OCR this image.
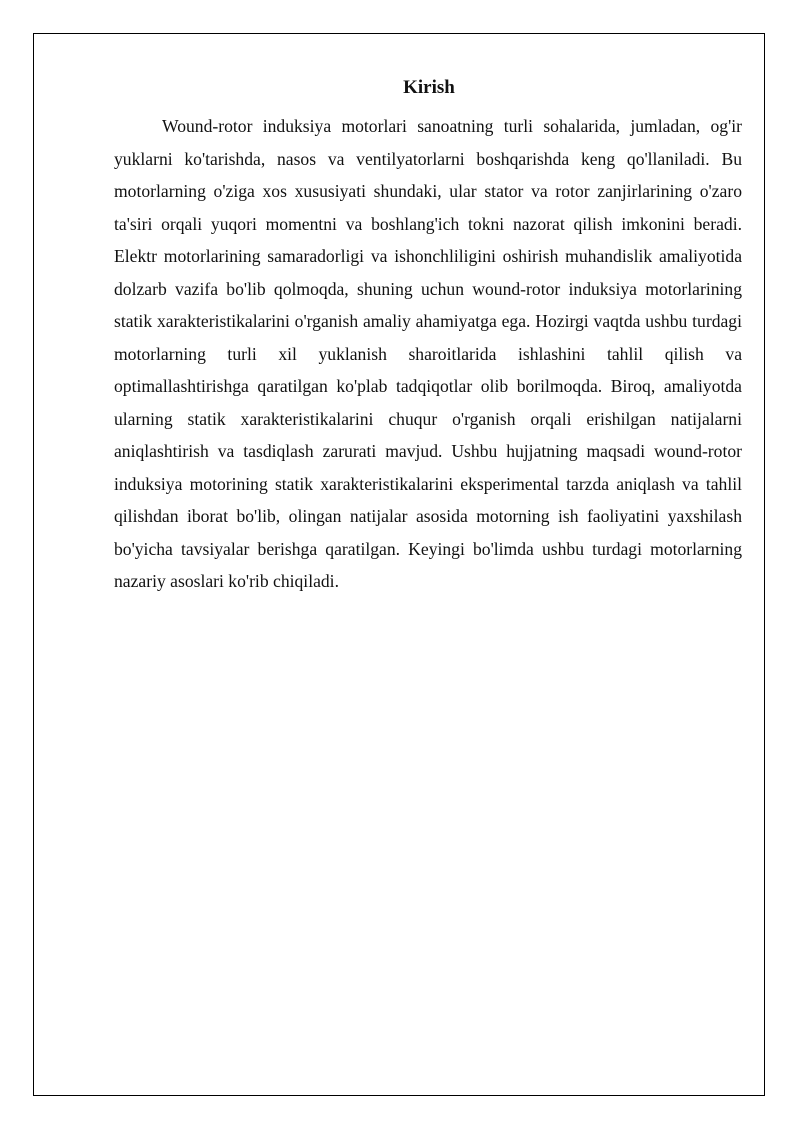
Kirish

Wound-rotor induksiya motorlari sanoatning turli sohalarida, jumladan, og'ir yuklarni ko'tarishda, nasos va ventilyatorlarni boshqarishda keng qo'llaniladi. Bu motorlarning o'ziga xos xususiyati shundaki, ular stator va rotor zanjirlarining o'zaro ta'siri orqali yuqori momentni va boshlang'ich tokni nazorat qilish imkonini beradi. Elektr motorlarining samaradorligi va ishonchliligini oshirish muhandislik amaliyotida dolzarb vazifa bo'lib qolmoqda, shuning uchun wound-rotor induksiya motorlarining statik xarakteristikalarini o'rganish amaliy ahamiyatga ega. Hozirgi vaqtda ushbu turdagi motorlarning turli xil yuklanish sharoitlarida ishlashini tahlil qilish va optimallashtirishga qaratilgan ko'plab tadqiqotlar olib borilmoqda. Biroq, amaliyotda ularning statik xarakteristikalarini chuqur o'rganish orqali erishilgan natijalarni aniqlashtirish va tasdiqlash zarurati mavjud. Ushbu hujjatning maqsadi wound-rotor induksiya motorining statik xarakteristikalarini eksperimental tarzda aniqlash va tahlil qilishdan iborat bo'lib, olingan natijalar asosida motorning ish faoliyatini yaxshilash bo'yicha tavsiyalar berishga qaratilgan. Keyingi bo'limda ushbu turdagi motorlarning nazariy asoslari ko'rib chiqiladi.
